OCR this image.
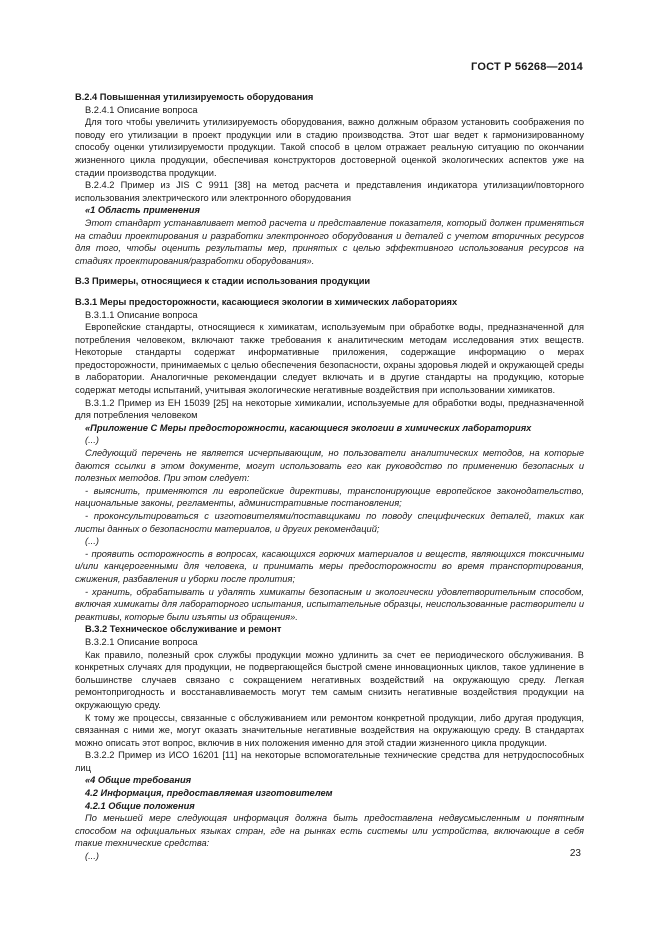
ГОСТ Р 56268—2014

В.2.4 Повышенная утилизируемость оборудования

В.2.4.1 Описание вопроса

Для того чтобы увеличить утилизируемость оборудования, важно должным образом установить соображения по поводу его утилизации в проект продукции или в стадию производства. Этот шаг ведет к гармонизированному способу оценки утилизируемости продукции. Такой способ в целом отражает реальную ситуацию по окончании жизненного цикла продукции, обеспечивая конструкторов достоверной оценкой экологических аспектов уже на стадии производства продукции.

В.2.4.2 Пример из JIS C 9911 [38] на метод расчета и представления индикатора утилизации/повторного использования электрического или электронного оборудования

«1 Область применения

Этот стандарт устанавливает метод расчета и представление показателя, который должен применяться на стадии проектирования и разработки электронного оборудования и деталей с учетом вторичных ресурсов для того, чтобы оценить результаты мер, принятых с целью эффективного использования ресурсов на стадиях проектирования/разработки оборудования».

В.3 Примеры, относящиеся к стадии использования продукции

В.3.1 Меры предосторожности, касающиеся экологии в химических лабораториях

В.3.1.1 Описание вопроса

Европейские стандарты, относящиеся к химикатам, используемым при обработке воды, предназначенной для потребления человеком, включают также требования к аналитическим методам исследования этих веществ. Некоторые стандарты содержат информативные приложения, содержащие информацию о мерах предосторожности, принимаемых с целью обеспечения безопасности, охраны здоровья людей и окружающей среды в лаборатории. Аналогичные рекомендации следует включать и в другие стандарты на продукцию, которые содержат методы испытаний, учитывая экологические негативные воздействия при использовании химикатов.

В.3.1.2 Пример из ЕН 15039 [25] на некоторые химикалии, используемые для обработки воды, предназначенной для потребления человеком

«Приложение С Меры предосторожности, касающиеся экологии в химических лабораториях

(...)

Следующий перечень не является исчерпывающим, но пользователи аналитических методов, на которые даются ссылки в этом документе, могут использовать его как руководство по применению безопасных и полезных методов. При этом следует:

- выяснить, применяются ли европейские директивы, транспонирующие европейское законодательство, национальные законы, регламенты, административные постановления;

- проконсультироваться с изготовителями/поставщиками по поводу специфических деталей, таких как листы данных о безопасности материалов, и других рекомендаций;

(...)

- проявить осторожность в вопросах, касающихся горючих материалов и веществ, являющихся токсичными и/или канцерогенными для человека, и принимать меры предосторожности во время транспортирования, сжижения, разбавления и уборки после пролития;

- хранить, обрабатывать и удалять химикаты безопасным и экологически удовлетворительным способом, включая химикаты для лабораторного испытания, испытательные образцы, неиспользованные растворители и реактивы, которые были изъяты из обращения».

В.3.2 Техническое обслуживание и ремонт

В.3.2.1 Описание вопроса

Как правило, полезный срок службы продукции можно удлинить за счет ее периодического обслуживания. В конкретных случаях для продукции, не подвергающейся быстрой смене инновационных циклов, такое удлинение в большинстве случаев связано с сокращением негативных воздействий на окружающую среду. Легкая ремонтопригодность и восстанавливаемость могут тем самым снизить негативные воздействия продукции на окружающую среду.

К тому же процессы, связанные с обслуживанием или ремонтом конкретной продукции, либо другая продукция, связанная с ними же, могут оказать значительные негативные воздействия на окружающую среду. В стандартах можно описать этот вопрос, включив в них положения именно для этой стадии жизненного цикла продукции.

В.3.2.2 Пример из ИСО 16201 [11] на некоторые вспомогательные технические средства для нетрудоспособных лиц

«4 Общие требования

4.2 Информация, предоставляемая изготовителем

4.2.1 Общие положения

По меньшей мере следующая информация должна быть предоставлена недвусмысленным и понятным способом на официальных языках стран, где на рынках есть системы или устройства, включающие в себя такие технические средства:

(...)	23
